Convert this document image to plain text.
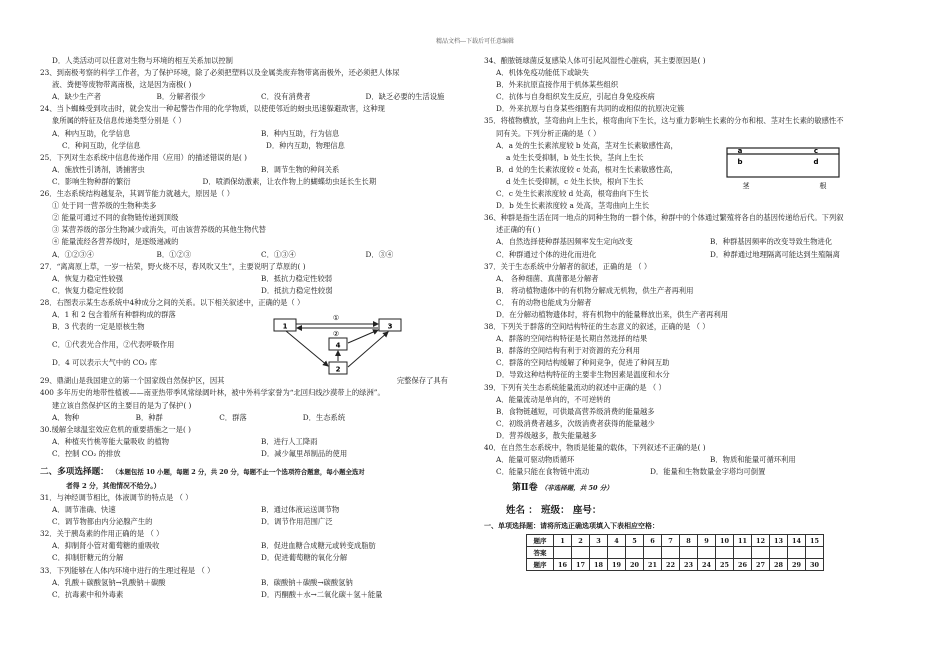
精品文档---下载后可任意编辑
D．人类活动可以任意对生物与环境的相互关系加以控制
23、到南极考察的科学工作者，为了保护环境，除了必须把塑料以及金属类废弃物带离南极外，还必须把人体尿
液、粪便等废物带离南极，这是因为南极( )
A．缺少生产者	B．分解者很少	C．没有消费者	D．缺乏必要的生活设施
24、当卜蜘蛛受到攻击时，就会发出一种起警告作用的化学物质，以使使邻近的蚜虫迅速躲避敌害，这种现
象所属的特征及信息传递类型分别是（ ）
A．种内互助，化学信息	B．种内互助，行为信息
C．种间互助，化学信息	D．种内互助，物理信息
25．下列对生态系统中信息传递作用（应用）的描述错误的是( )
A．施放性引诱剂，诱捕害虫	B．调节生物的种间关系
C．影响生物种群的繁衍	D．喷洒保幼激素，让农作物上的蝴蝶幼虫延长生长期
26．生态系统结构越复杂，其调节能力就越大，原因是（ ）
① 处于同一营养级的生物种类多
② 能量可通过不同的食物链传递到顶级
③ 某营养级的部分生物减少或消失，可由该营养级的其他生物代替
④ 能量流经各营养级时，是逐级递减的
A．①②③④	B．①②③	C．①③④	D．③④
27．“离离原上草，一岁一枯荣，野火烧不尽，春风吹又生”，主要说明了草原的( )
A．恢复力稳定性较强	B．抵抗力稳定性较弱
C．恢复力稳定性较弱	D．抵抗力稳定性较弱
28．右图表示某生态系统中4种成分之间的关系。以下相关叙述中，正确的是（ ）
A．1 和 2 包含着所有种群构成的群落
B．3 代表的一定是原核生物
C．①代表光合作用，②代表呼吸作用
D．4 可以表示大气中的 CO₂ 库
29、鼎湖山是我国建立的第一个国家级自然保护区，因其	完整保存了具有
400 多年历史的地带性植被——南亚热带季风常绿阔叶林，被中外科学家誉为“北回归线沙漠带上的绿洲”。
建立该自然保护区的主要目的是为了保护( )
A．物种	B．种群	C．群落	D．生态系统
30.缓解全球温室效应危机的重要措施之一是( )
A．种植夹竹桃等能大量吸收 的植物	B．进行人工降雨
C．控制 CO₂ 的排放	D．减少氟里昂制品的使用
二、多项选择题： （本题包括 10 小题，每题 2 分，共 20 分，每题不止一个选项符合题意，每小题全选对
者得 2 分，其他情况不给分。）
31．与神经调节相比，体液调节的特点是 （ ）
A．调节准确、快速	B．通过体液运送调节物
C．调节物都由内分泌腺产生的	D．调节作用范围广泛
32．关于胰岛素的作用正确的是 （ ）
A．抑制肾小管对葡萄糖的重吸收	B．促进血糖合成糖元或转变成脂肪
C．抑制肝糖元的分解	D．促进葡萄糖的氧化分解
33．下列能够在人体内环境中进行的生理过程是 （ ）
A．乳酸＋碳酸氢钠→乳酸钠＋碳酸	B．碳酸钠＋碳酸→碳酸氢钠
C．抗毒素中和外毒素	D．丙酮酸＋水→二氧化碳＋氢＋能量
1
2
3
4
①
②
34、酿脓链球菌反复感染人体可引起风湿性心脏病，其主要原因是( )
A．机体免疫功能低下或缺失
B．外来抗原直接作用于机体某些组织
C．抗体与自身组织发生反应，引起自身免疫疾病
D．外来抗原与自身某些细胞有共同的或相似的抗原决定簇
35．将植物横放，茎弯曲向上生长，根弯曲向下生长，这与重力影响生长素的分布和根、茎对生长素的敏感性不
同有关。下列分析正确的是（ ）
A．a 处的生长素浓度较 b 处高，茎对生长素敏感性高，
a 处生长受抑制，b 处生长快，茎向上生长
B．d 处的生长素浓度较 c 处高，根对生长素敏感性高，
d 处生长受抑制，c 处生长快，根向下生长
C．c 处生长素浓度较 d 处高，根弯曲向下生长
D．b 处生长素浓度较 a 处高，茎弯曲向上生长
36、种群是指生活在同一地点的同种生物的一群个体，种群中的个体通过繁殖将各自的基因传递给后代。下列叙
述正确的有( )
A．自然选择使种群基因频率发生定向改变	B．种群基因频率的改变导致生物进化
C．种群通过个体的进化而进化	D．种群通过地理隔离可能达到生殖隔离
37．关于生态系统中分解者的叙述，正确的是 （ ）
A． 各种细菌、真菌都是分解者
B． 将动植物遗体中的有机物分解成无机物，供生产者再利用
C． 有的动物也能成为分解者
D．在分解动植物遗体时，将有机物中的能量释放出来，供生产者再利用
38．下列关于群落的空间结构特征的生态意义的叙述，正确的是 （ ）
A．群落的空间结构特征是长期自然选择的结果
B．群落的空间结构有利于对资源的充分利用
C．群落的空间结构缓解了种间竞争，促进了种间互助
D．导致这种结构特征的主要非生物因素是温度和水分
39．下列有关生态系统能量流动的叙述中正确的是 （ ）
A．能量流动是单向的，不可逆转的
B．食物链越短，可供最高营养级消费的能量越多
C．初级消费者越多，次级消费者获得的能量越少
D．营养级越多，散失能量越多
40．在自然生态系统中，物质是能量的载体，下列叙述不正确的是( )
A．能量可驱动物质循环	B．物质和能量可循环利用
C．能量只能在食物链中流动	D．能量和生物数量金字塔均可倒置
第Ⅱ卷 （非选择题，共 50 分）
姓名 ： 班级： 座号：
一、单项选择题：请将所选正确选项填入下表相应空格：
题序	1	2	3	4	5	6	7	8	9	10	11	12	13	14	15
答案															
题序	16	17	18	19	20	21	22	23	24	25	26	27	28	29	30
a
b
c
d
茎	根
